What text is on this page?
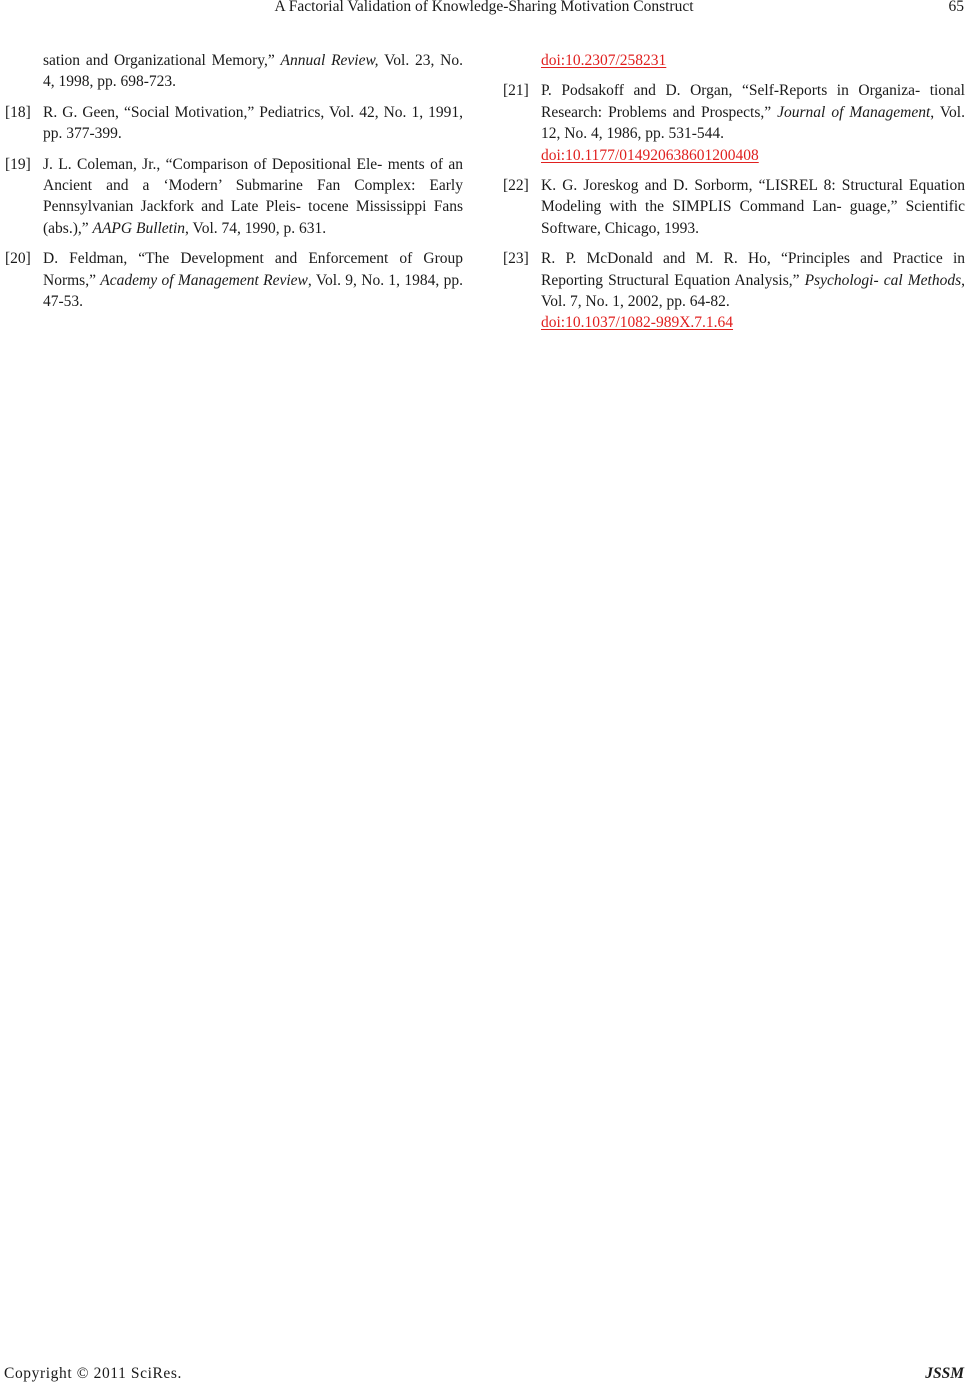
A Factorial Validation of Knowledge-Sharing Motivation Construct	65
sation and Organizational Memory,” Annual Review, Vol. 23, No. 4, 1998, pp. 698-723.
[18] R. G. Geen, “Social Motivation,” Pediatrics, Vol. 42, No. 1, 1991, pp. 377-399.
[19] J. L. Coleman, Jr., “Comparison of Depositional Ele- ments of an Ancient and a ‘Modern’ Submarine Fan Complex: Early Pennsylvanian Jackfork and Late Pleis- tocene Mississippi Fans (abs.),” AAPG Bulletin, Vol. 74, 1990, p. 631.
[20] D. Feldman, “The Development and Enforcement of Group Norms,” Academy of Management Review, Vol. 9, No. 1, 1984, pp. 47-53.
doi:10.2307/258231
[21] P. Podsakoff and D. Organ, “Self-Reports in Organiza- tional Research: Problems and Prospects,” Journal of Management, Vol. 12, No. 4, 1986, pp. 531-544.
doi:10.1177/014920638601200408
[22] K. G. Joreskog and D. Sorborm, “LISREL 8: Structural Equation Modeling with the SIMPLIS Command Lan- guage,” Scientific Software, Chicago, 1993.
[23] R. P. McDonald and M. R. Ho, “Principles and Practice in Reporting Structural Equation Analysis,” Psychologi- cal Methods, Vol. 7, No. 1, 2002, pp. 64-82.
doi:10.1037/1082-989X.7.1.64
Copyright © 2011 SciRes.	JSSM
